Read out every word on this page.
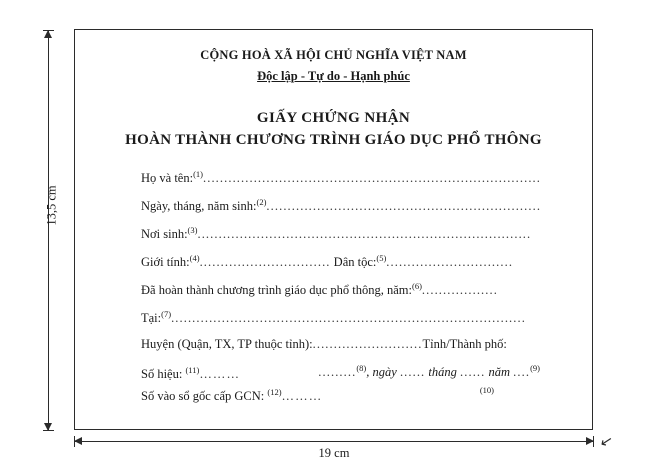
13,5 cm
19 cm
↙
CỘNG HOÀ XÃ HỘI CHỦ NGHĨA VIỆT NAM
Độc lập - Tự do - Hạnh phúc
GIẤY CHỨNG NHẬN
HOÀN THÀNH CHƯƠNG TRÌNH GIÁO DỤC PHỔ THÔNG
Họ và tên:$^{(1)}$................................................................................
Ngày, tháng, năm sinh:$^{(2)}$.................................................................
Nơi sinh:$^{(3)}$...............................................................................
Giới tính:$^{(4)}$............................... Dân tộc:$^{(5)}$..............................
Đã hoàn thành chương trình giáo dục phổ thông, năm:$^{(6)}$..................
Tại:$^{(7)}$....................................................................................
Huyện (Quận, TX, TP thuộc tỉnh):..........................Tỉnh/Thành phố:
.........$^{(8)}$, ngày ...... tháng ...... năm ....$^{(9)}$
$^{(10)}$
Số hiệu: $^{(11)}$………
Số vào sổ gốc cấp GCN: $^{(12)}$………
